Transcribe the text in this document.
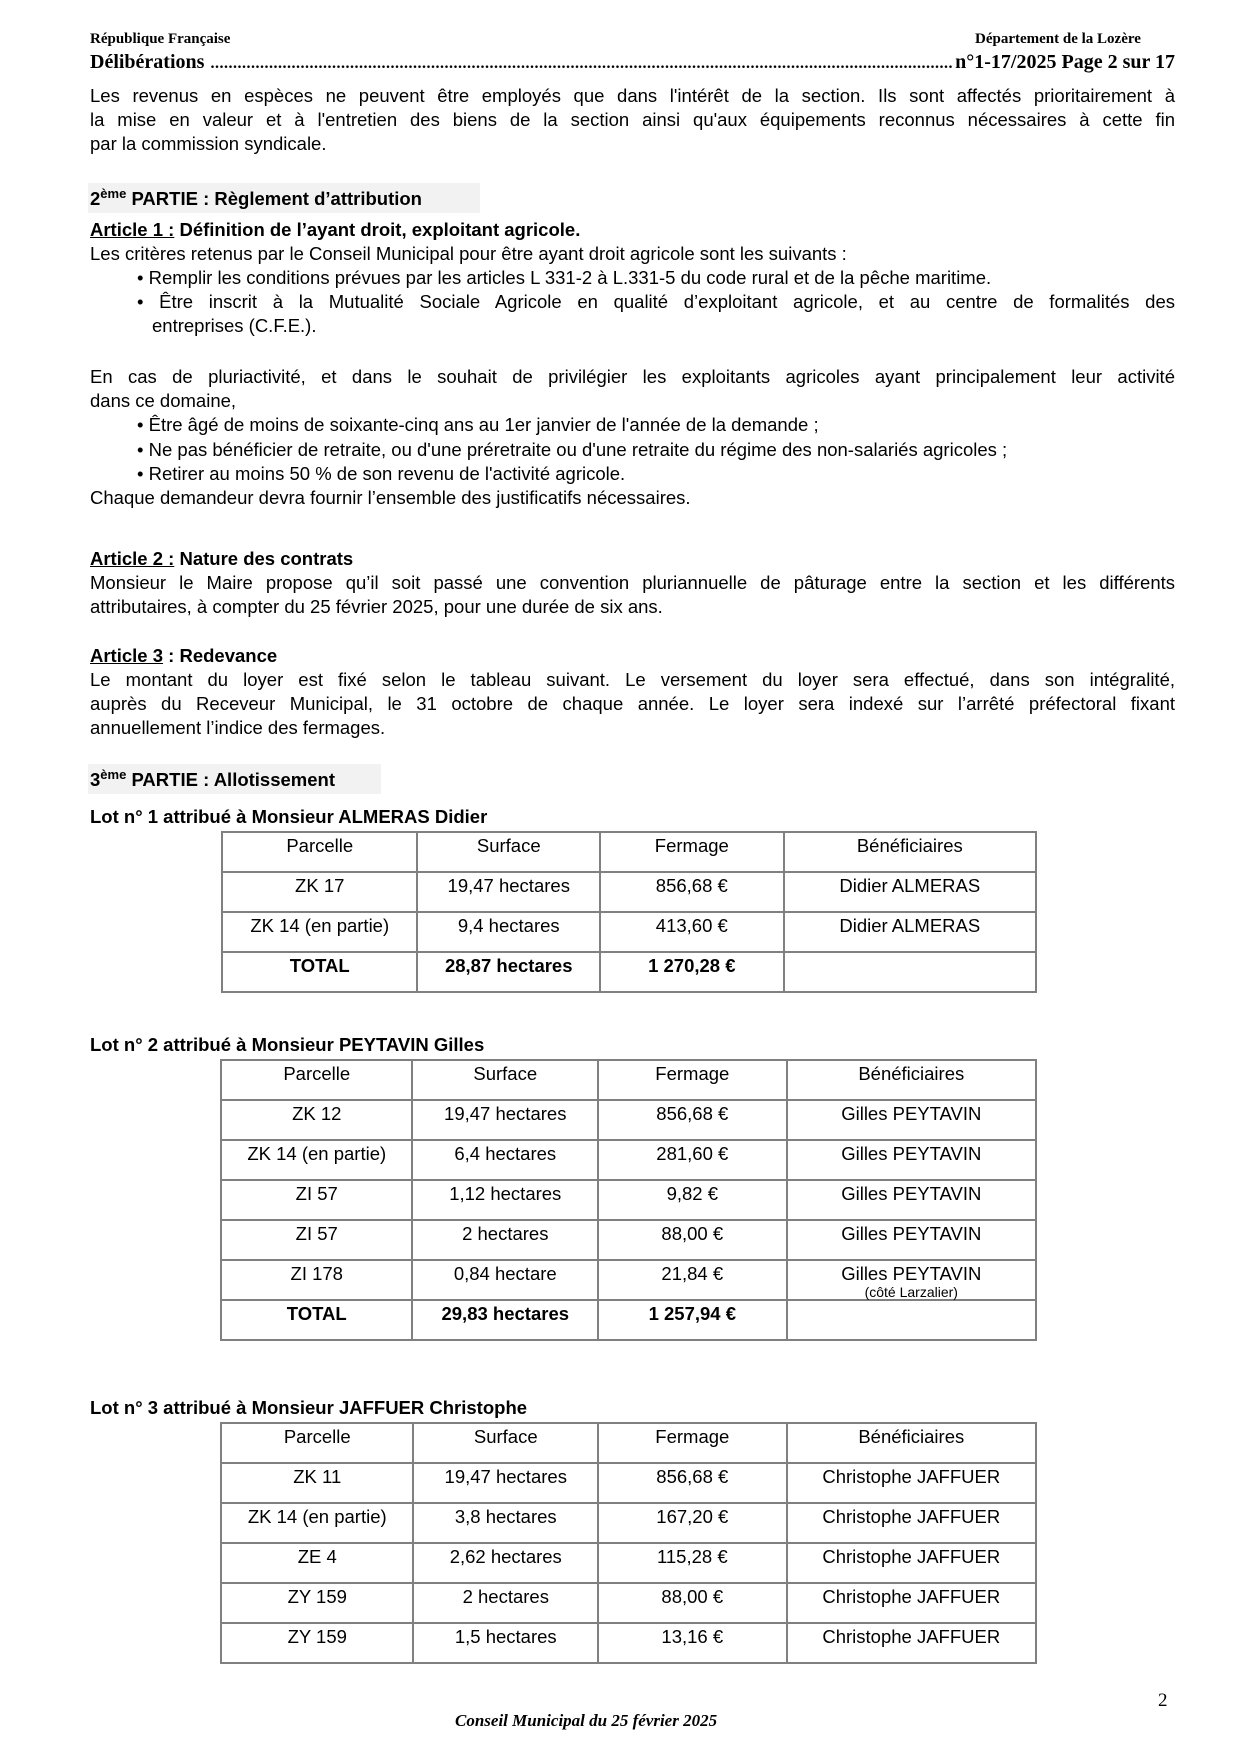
République Française	Département de la Lozère
Délibérations .....	n°1-17/2025 Page 2 sur 17
Les revenus en espèces ne peuvent être employés que dans l'intérêt de la section. Ils sont affectés prioritairement à
la mise en valeur et à l'entretien des biens de la section ainsi qu'aux équipements reconnus nécessaires à cette fin
par la commission syndicale.
2ème PARTIE : Règlement d’attribution
Article 1 : Définition de l’ayant droit, exploitant agricole.
Les critères retenus par le Conseil Municipal pour être ayant droit agricole sont les suivants :
• Remplir les conditions prévues par les articles L 331-2 à L.331-5 du code rural et de la pêche maritime.
• Être inscrit à la Mutualité Sociale Agricole en qualité d’exploitant agricole, et au centre de formalités des
entreprises (C.F.E.).
En cas de pluriactivité, et dans le souhait de privilégier les exploitants agricoles ayant principalement leur activité
dans ce domaine,
• Être âgé de moins de soixante-cinq ans au 1er janvier de l'année de la demande ;
• Ne pas bénéficier de retraite, ou d'une préretraite ou d'une retraite du régime des non-salariés agricoles ;
• Retirer au moins 50 % de son revenu de l'activité agricole.
Chaque demandeur devra fournir l’ensemble des justificatifs nécessaires.
Article 2 : Nature des contrats
Monsieur le Maire propose qu’il soit passé une convention pluriannuelle de pâturage entre la section et les différents
attributaires, à compter du 25 février 2025, pour une durée de six ans.
Article 3 : Redevance
Le montant du loyer est fixé selon le tableau suivant. Le versement du loyer sera effectué, dans son intégralité,
auprès du Receveur Municipal, le 31 octobre de chaque année. Le loyer sera indexé sur l’arrêté préfectoral fixant
annuellement l’indice des fermages.
3ème PARTIE : Allotissement
Lot n° 1 attribué à Monsieur ALMERAS Didier
Parcelle	Surface	Fermage	Bénéficiaires
ZK 17	19,47 hectares	856,68 €	Didier ALMERAS
ZK 14 (en partie)	9,4 hectares	413,60 €	Didier ALMERAS
TOTAL	28,87 hectares	1 270,28 €	
Lot n° 2 attribué à Monsieur PEYTAVIN Gilles
Parcelle	Surface	Fermage	Bénéficiaires
ZK 12	19,47 hectares	856,68 €	Gilles PEYTAVIN
ZK 14 (en partie)	6,4 hectares	281,60 €	Gilles PEYTAVIN
ZI 57	1,12 hectares	9,82 €	Gilles PEYTAVIN
ZI 57	2 hectares	88,00 €	Gilles PEYTAVIN
ZI 178	0,84 hectare	21,84 €	Gilles PEYTAVIN
(côté Larzalier)

TOTAL	29,83 hectares	1 257,94 €	
Lot n° 3 attribué à Monsieur JAFFUER Christophe
Parcelle	Surface	Fermage	Bénéficiaires
ZK 11	19,47 hectares	856,68 €	Christophe JAFFUER
ZK 14 (en partie)	3,8 hectares	167,20 €	Christophe JAFFUER
ZE 4	2,62 hectares	115,28 €	Christophe JAFFUER
ZY 159	2 hectares	88,00 €	Christophe JAFFUER
ZY 159	1,5 hectares	13,16 €	Christophe JAFFUER
2
Conseil Municipal du 25 février 2025
